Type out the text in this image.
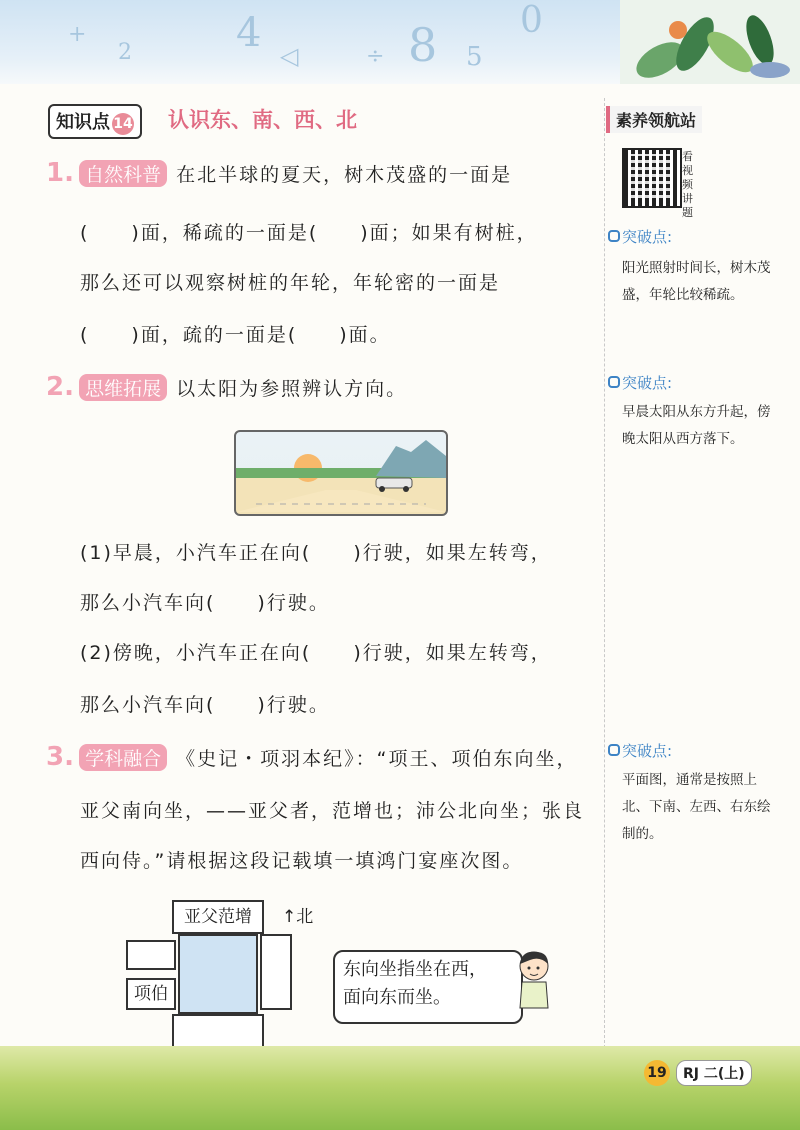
+
2	4 ◁	÷ 8 5
0
知识点 14	认识东、南、西、北	素养领航站
看视频讲题
突破点:
阳光照射时间长，树木茂盛，年轮比较稀疏。
突破点:
早晨太阳从东方升起，傍晚太阳从西方落下。
突破点:
平面图，通常是按照上北、下南、左西、右东绘制的。
1. 自然科普 在北半球的夏天，树木茂盛的一面是
(　　)面，稀疏的一面是(　　)面；如果有树桩，
那么还可以观察树桩的年轮，年轮密的一面是
(　　)面，疏的一面是(　　)面。
2. 思维拓展 以太阳为参照辨认方向。
(1)早晨，小汽车正在向(　　)行驶，如果左转弯，
那么小汽车向(　　)行驶。
(2)傍晚，小汽车正在向(　　)行驶，如果左转弯，
那么小汽车向(　　)行驶。
3. 学科融合 《史记・项羽本纪》：“项王、项伯东向坐，
亚父南向坐，——亚父者，范增也；沛公北向坐；张良
西向侍。”请根据这段记载填一填鸿门宴座次图。
亚父范增	↑北
项伯
东向坐指坐在西，
面向东而坐。
19	RJ 二(上)
